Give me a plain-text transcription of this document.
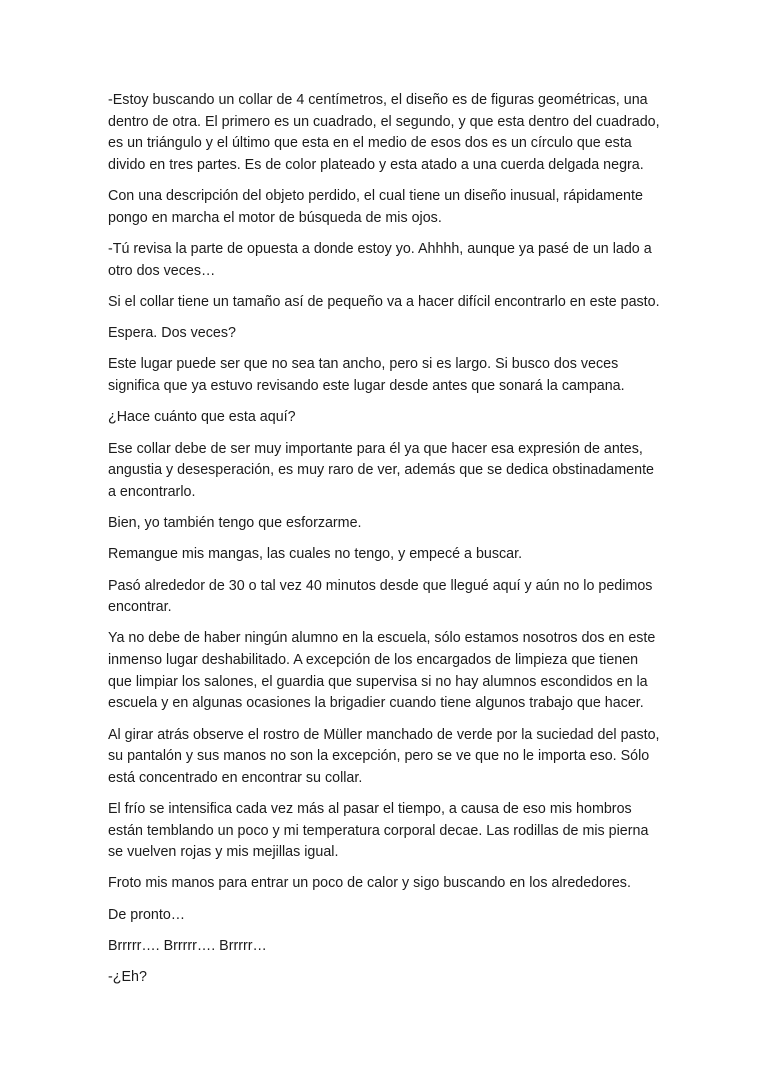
-Estoy buscando un collar de 4 centímetros, el diseño es de figuras geométricas, una dentro de otra. El primero es un cuadrado, el segundo, y que esta dentro del cuadrado, es un triángulo y el último que esta en el medio de esos dos es un círculo que esta divido en tres partes. Es de color plateado y esta atado a una cuerda delgada negra.

Con una descripción del objeto perdido, el cual tiene un diseño inusual, rápidamente pongo en marcha el motor de búsqueda de mis ojos.

-Tú revisa la parte de opuesta a donde estoy yo. Ahhhh, aunque ya pasé de un lado a otro dos veces…

Si el collar tiene un tamaño así de pequeño va a hacer difícil encontrarlo en este pasto.

Espera. Dos veces?

Este lugar puede ser que no sea tan ancho, pero si es largo. Si busco dos veces significa que ya estuvo revisando este lugar desde antes que sonará la campana.

¿Hace cuánto que esta aquí?

Ese collar debe de ser muy importante para él ya que hacer esa expresión de antes, angustia y desesperación, es muy raro de ver, además que se dedica obstinadamente a encontrarlo.

Bien, yo también tengo que esforzarme.

Remangue mis mangas, las cuales no tengo, y empecé a buscar.

Pasó alrededor de 30 o tal vez 40 minutos desde que llegué aquí y aún no lo pedimos encontrar.

Ya no debe de haber ningún alumno en la escuela, sólo estamos nosotros dos en este inmenso lugar deshabilitado. A excepción de los encargados de limpieza que tienen que limpiar los salones, el guardia que supervisa si no hay alumnos escondidos en la escuela y en algunas ocasiones la brigadier cuando tiene algunos trabajo que hacer.

Al girar atrás observe el rostro de Müller manchado de verde por la suciedad del pasto, su pantalón y sus manos no son la excepción, pero se ve que no le importa eso. Sólo está concentrado en encontrar su collar.

El frío se intensifica cada vez más al pasar el tiempo, a causa de eso mis hombros están temblando un poco y mi temperatura corporal decae. Las rodillas de mis pierna se vuelven rojas y mis mejillas igual.

Froto mis manos para entrar un poco de calor y sigo buscando en los alrededores.

De pronto…

Brrrrr…. Brrrrr…. Brrrrr…

-¿Eh?
